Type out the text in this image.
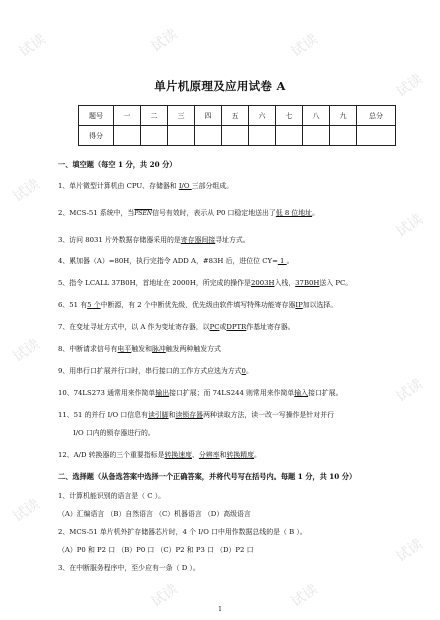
试读	试读	试读
试读
试读
试读
试读
试读
试读
试读
试读	试读
单片机原理及应用试卷 A
题号	一	二	三	四	五	六	七	八	九	总分
得分										
一、填空题（每空 1 分，共 20 分）
1、单片微型计算机由 CPU、存储器和 I/O 三部分组成。
2、MCS-51 系统中，当PSEN信号有效时，表示从 P0 口稳定地送出了低 8 位地址。
3、访问 8031 片外数据存储器采用的是寄存器间接寻址方式。
4、累加器（A）=80H，执行完指令 ADD A，#83H 后，进位位 CY= 1 。
5、指令 LCALL 37B0H，首地址在 2000H，所完成的操作是2003H入栈，37B0H送入 PC。
6、51 有5 个中断源，有 2 个中断优先级，优先级由软件填写特殊功能寄存器IP加以选择。
7、在变址寻址方式中，以 A 作为变址寄存器，以PC或DPTR作基址寄存器。
8、中断请求信号有电平触发和脉冲触发两种触发方式
9、用串行口扩展并行口时，串行接口的工作方式应选为方式0。
10、74LS273 通常用来作简单输出接口扩展；而 74LS244 则常用来作简单输入接口扩展。
11、51 的并行 I/O 口信息有读引脚和读锁存器两种读取方法，读一改一写操作是针对并行
I/O 口内的锁存器进行的。
12、A/D 转换器的三个重要指标是转换速度、分辨率和转换精度。
二、选择题（从备选答案中选择一个正确答案，并将代号写在括号内。每题 1 分，共 10 分）
1、计算机能识别的语言是（ C ）。
（A）汇编语言 （B）自然语言 （C）机器语言 （D）高级语言
2、MCS-51 单片机外扩存储器芯片时，4 个 I/O 口中用作数据总线的是（ B ）。
（A）P0 和 P2 口 （B）P0 口 （C）P2 和 P3 口 （D）P2 口
3、在中断服务程序中，至少应有一条（ D ）。
1
